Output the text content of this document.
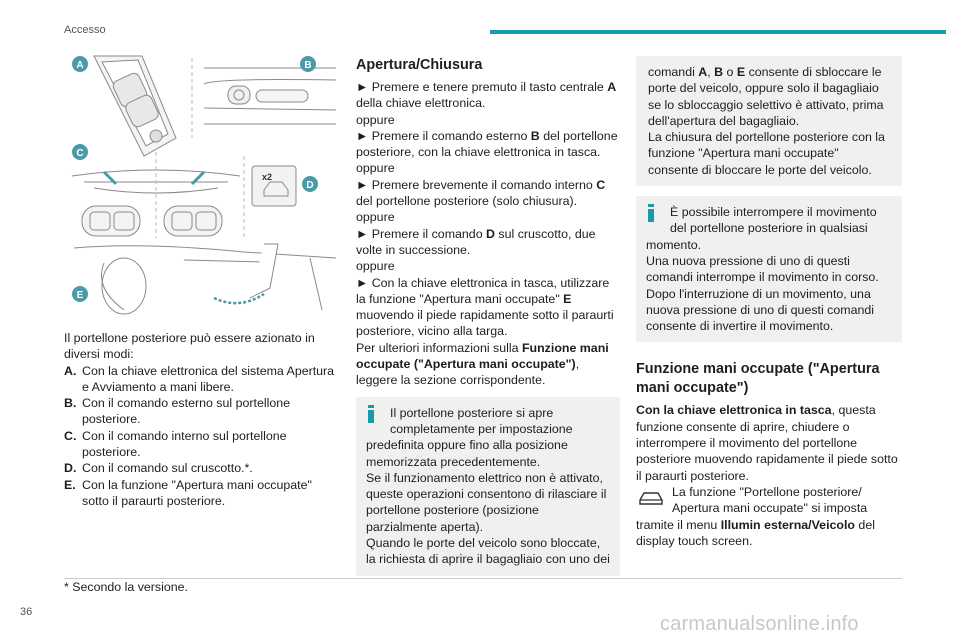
Accesso
x2
A	B
C
D
E

Il portellone posteriore può essere azionato in diversi modi:

A. Con la chiave elettronica del sistema Apertura e Avviamento a mani libere.
B. Con il comando esterno sul portellone posteriore.
C. Con il comando interno sul portellone posteriore.
D. Con il comando sul cruscotto.*.
E. Con la funzione "Apertura mani occupate" sotto il paraurti posteriore.
Apertura/Chiusura

► Premere e tenere premuto il tasto centrale A della chiave elettronica.

oppure

► Premere il comando esterno B del portellone posteriore, con la chiave elettronica in tasca.

oppure

► Premere brevemente il comando interno C del portellone posteriore (solo chiusura).

oppure

► Premere il comando D sul cruscotto, due volte in successione.

oppure

► Con la chiave elettronica in tasca, utilizzare la funzione "Apertura mani occupate" E muovendo il piede rapidamente sotto il paraurti posteriore, vicino alla targa.

Per ulteriori informazioni sulla Funzione mani occupate ("Apertura mani occupate"), leggere la sezione corrispondente.

Il portellone posteriore si apre completamente per impostazione

predefinita oppure fino alla posizione memorizzata precedentemente.

Se il funzionamento elettrico non è attivato, queste operazioni consentono di rilasciare il portellone posteriore (posizione parzialmente aperta).

Quando le porte del veicolo sono bloccate, la richiesta di aprire il bagagliaio con uno dei

comandi A, B o E consente di sbloccare le porte del veicolo, oppure solo il bagagliaio se lo sbloccaggio selettivo è attivato, prima dell'apertura del bagagliaio.

La chiusura del portellone posteriore con la funzione "Apertura mani occupate" consente di bloccare le porte del veicolo.

È possibile interrompere il movimento del portellone posteriore in qualsiasi

momento.

Una nuova pressione di uno di questi comandi interrompe il movimento in corso.

Dopo l'interruzione di un movimento, una nuova pressione di uno di questi comandi consente di invertire il movimento.

Funzione mani occupate ("Apertura mani occupate")

Con la chiave elettronica in tasca, questa funzione consente di aprire, chiudere o interrompere il movimento del portellone posteriore muovendo rapidamente il piede sotto il paraurti posteriore.

La funzione "Portellone posteriore/ Apertura mani occupate" si imposta tramite il menu Illumin esterna/Veicolo del display touch screen.

* Secondo la versione.
36
carmanualsonline.info
